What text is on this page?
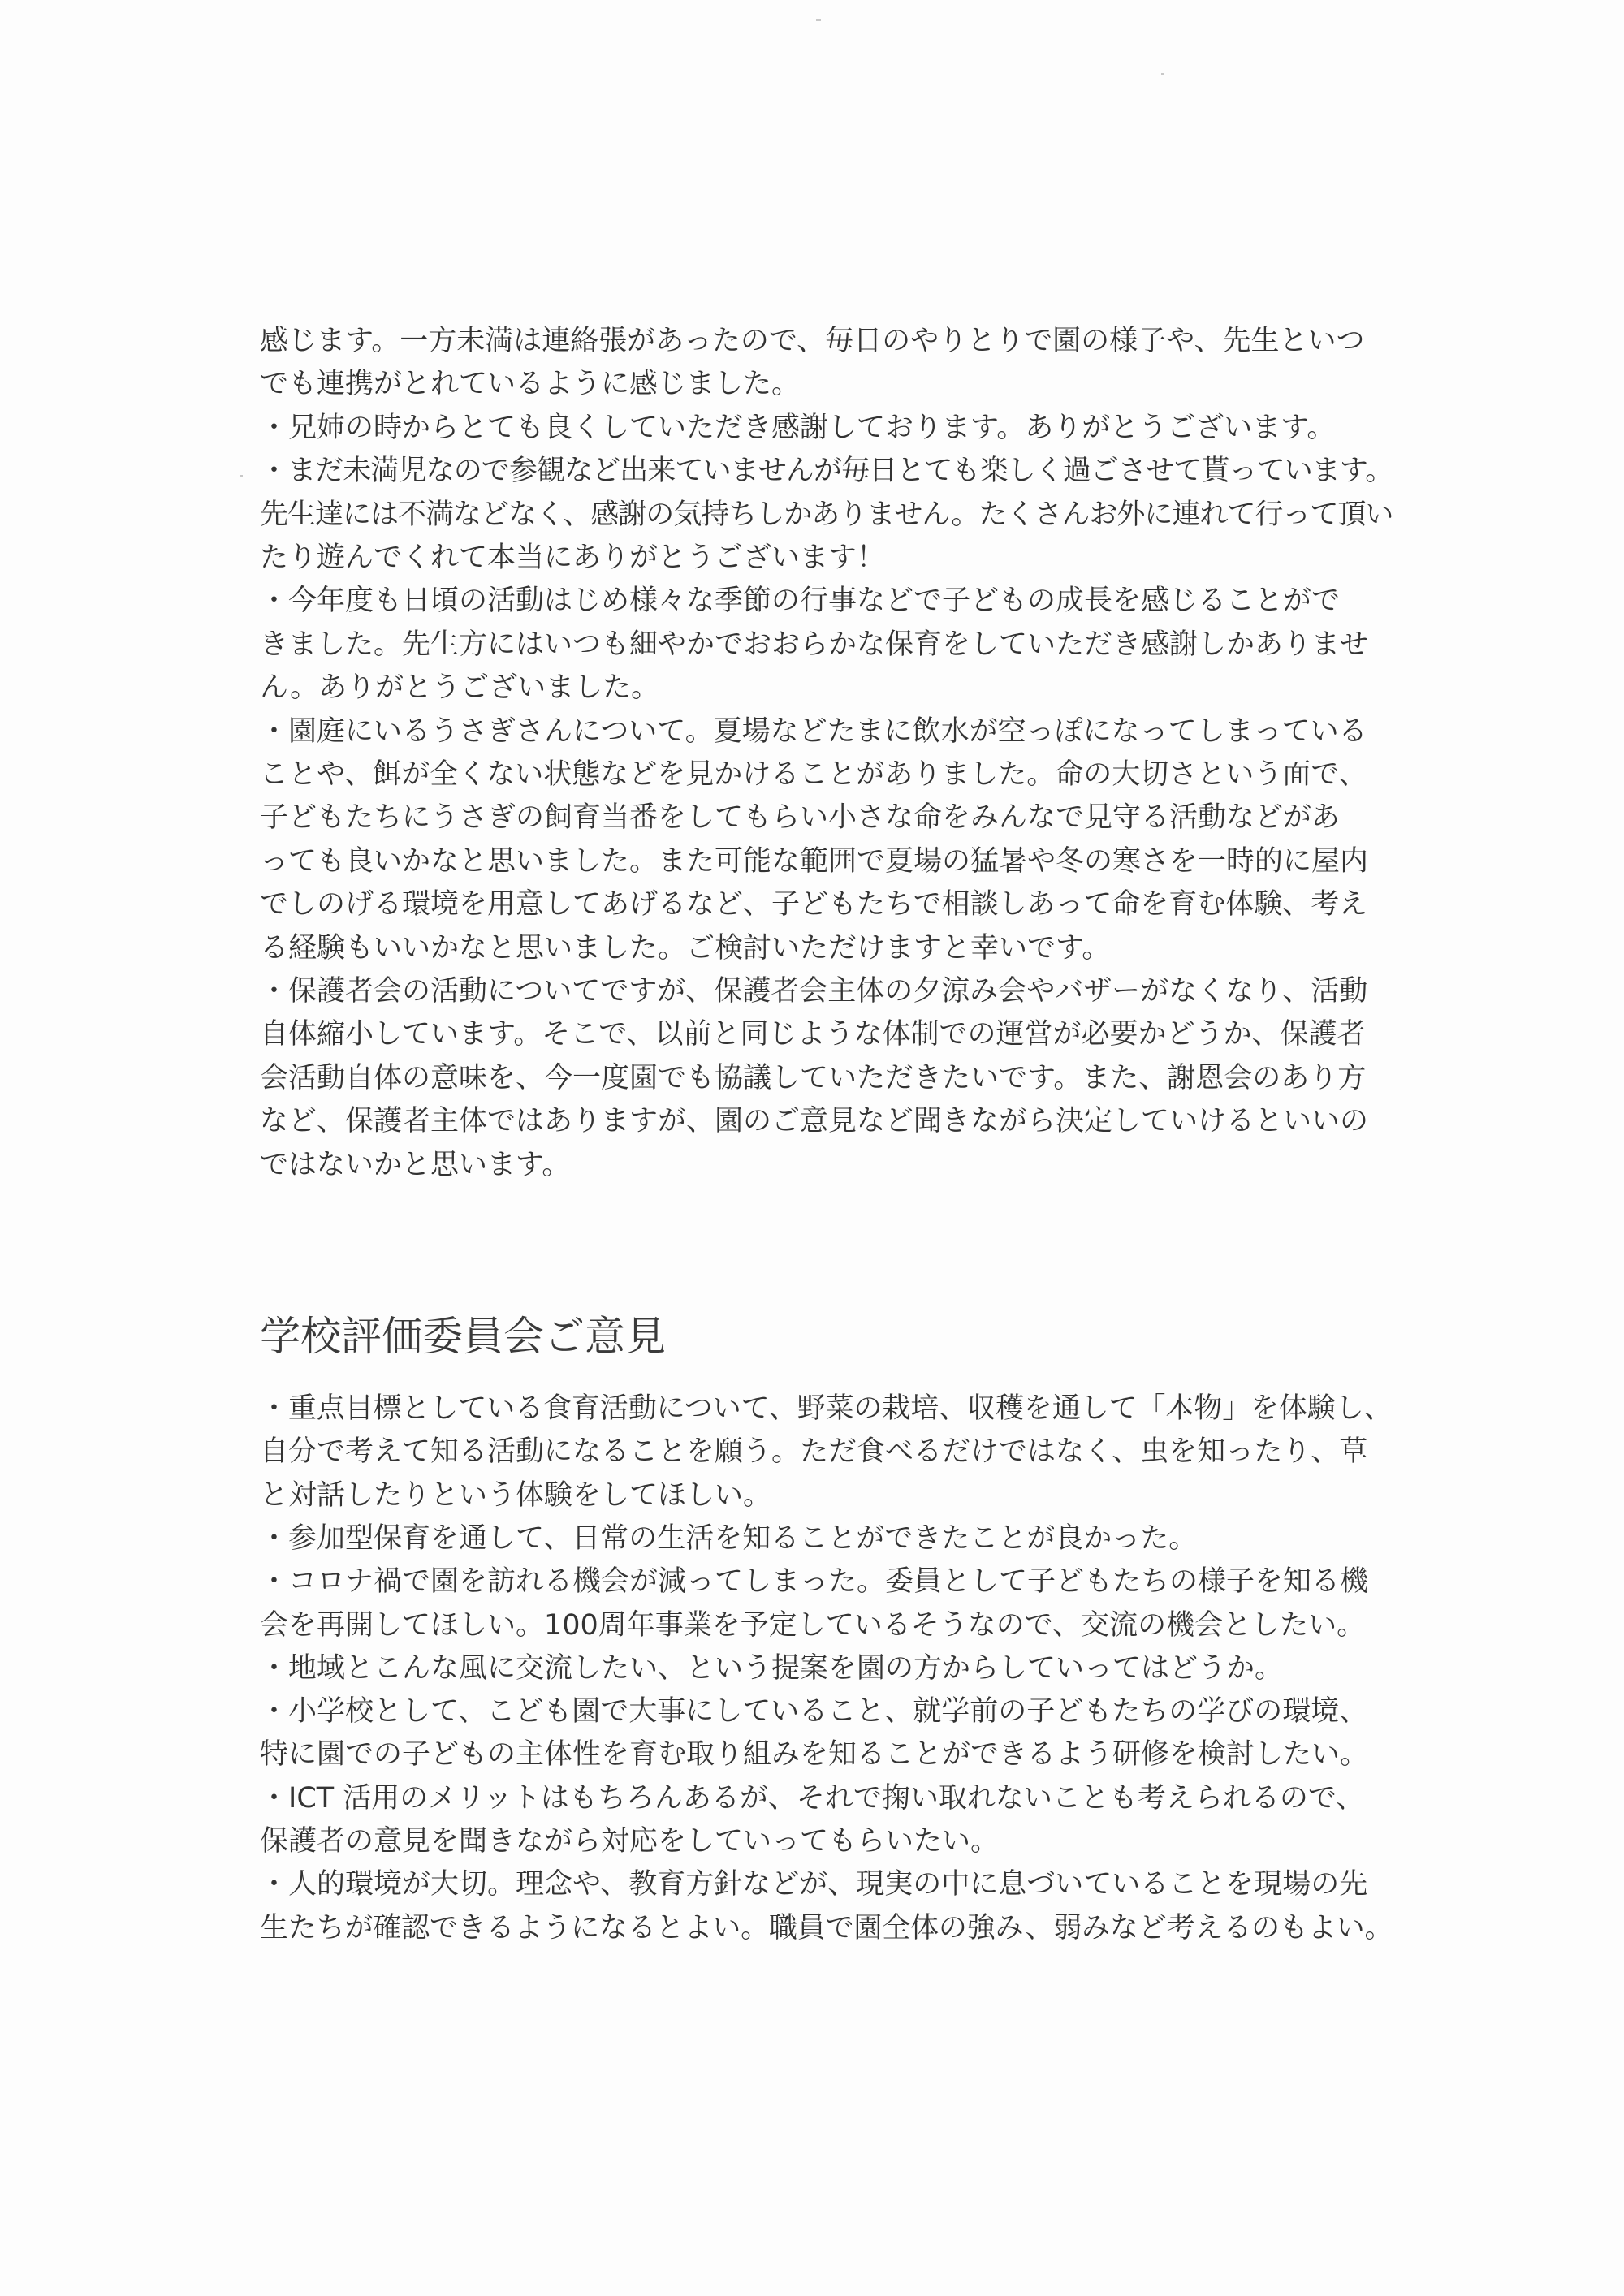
感じます。一方未満は連絡張があったので、毎日のやりとりで園の様子や、先生といつ
でも連携がとれているように感じました。
・兄姉の時からとても良くしていただき感謝しております。ありがとうございます。
・まだ未満児なので参観など出来ていませんが毎日とても楽しく過ごさせて貰っています。
先生達には不満などなく、感謝の気持ちしかありません。たくさんお外に連れて行って頂い
たり遊んでくれて本当にありがとうございます！
・今年度も日頃の活動はじめ様々な季節の行事などで子どもの成長を感じることがで
きました。先生方にはいつも細やかでおおらかな保育をしていただき感謝しかありませ
ん。ありがとうございました。
・園庭にいるうさぎさんについて。夏場などたまに飲水が空っぽになってしまっている
ことや、餌が全くない状態などを見かけることがありました。命の大切さという面で、
子どもたちにうさぎの飼育当番をしてもらい小さな命をみんなで見守る活動などがあ
っても良いかなと思いました。また可能な範囲で夏場の猛暑や冬の寒さを一時的に屋内
でしのげる環境を用意してあげるなど、子どもたちで相談しあって命を育む体験、考え
る経験もいいかなと思いました。ご検討いただけますと幸いです。
・保護者会の活動についてですが、保護者会主体の夕涼み会やバザーがなくなり、活動
自体縮小しています。そこで、以前と同じような体制での運営が必要かどうか、保護者
会活動自体の意味を、今一度園でも協議していただきたいです。また、謝恩会のあり方
など、保護者主体ではありますが、園のご意見など聞きながら決定していけるといいの
ではないかと思います。
学校評価委員会ご意見
・重点目標としている食育活動について、野菜の栽培、収穫を通して「本物」を体験し、
自分で考えて知る活動になることを願う。ただ食べるだけではなく、虫を知ったり、草
と対話したりという体験をしてほしい。
・参加型保育を通して、日常の生活を知ることができたことが良かった。
・コロナ禍で園を訪れる機会が減ってしまった。委員として子どもたちの様子を知る機
会を再開してほしい。100周年事業を予定しているそうなので、交流の機会としたい。
・地域とこんな風に交流したい、という提案を園の方からしていってはどうか。
・小学校として、こども園で大事にしていること、就学前の子どもたちの学びの環境、
特に園での子どもの主体性を育む取り組みを知ることができるよう研修を検討したい。
・ICT 活用のメリットはもちろんあるが、それで掬い取れないことも考えられるので、
保護者の意見を聞きながら対応をしていってもらいたい。
・人的環境が大切。理念や、教育方針などが、現実の中に息づいていることを現場の先
生たちが確認できるようになるとよい。職員で園全体の強み、弱みなど考えるのもよい。
